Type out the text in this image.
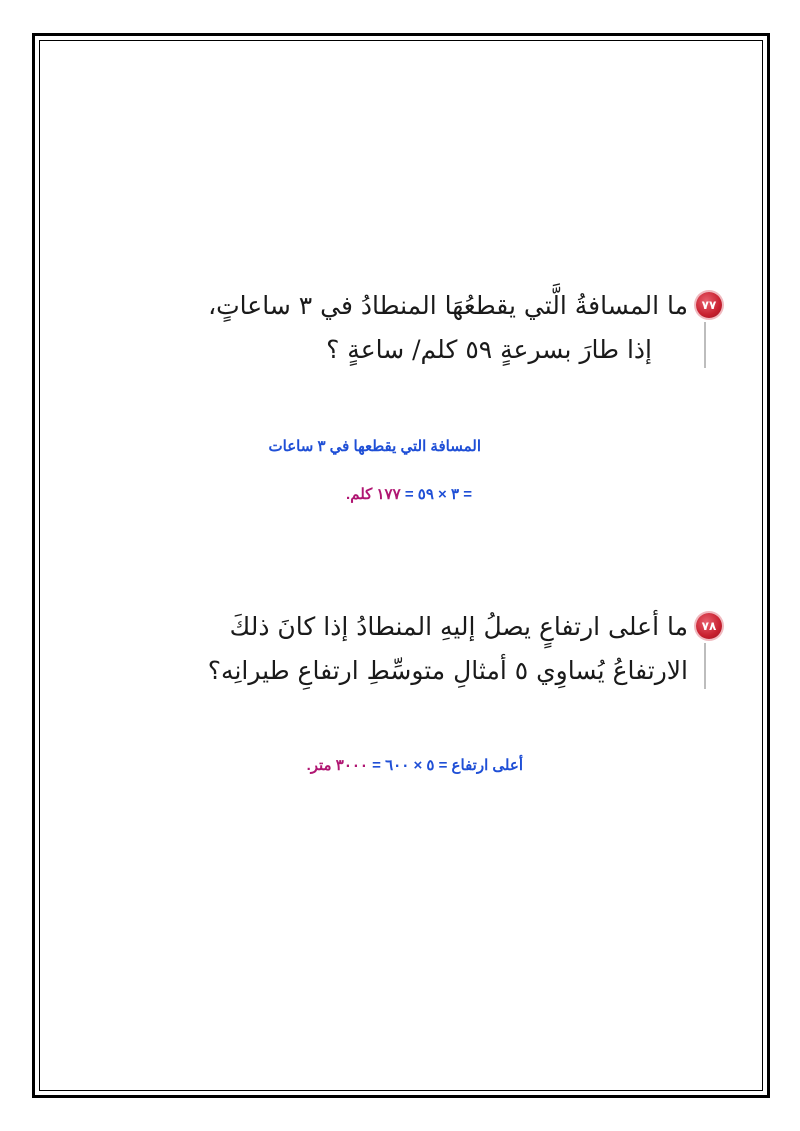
٧٧
ما المسافةُ الَّتي يقطعُهَا المنطادُ في ٣ ساعاتٍ،
إذا طارَ بسرعةٍ ٥٩ كلم/ ساعةٍ ؟
المسافة التي يقطعها في ٣ ساعات
= ٣ × ٥٩ = ١٧٧ كلم.
٧٨
ما أعلى ارتفاعٍ يصلُ إليهِ المنطادُ إذا كانَ ذلكَ
الارتفاعُ يُساوِي ٥ أمثالِ متوسِّطِ ارتفاعِ طيرانِه؟
أعلى ارتفاع = ٥ × ٦٠٠ = ٣٠٠٠ متر.
